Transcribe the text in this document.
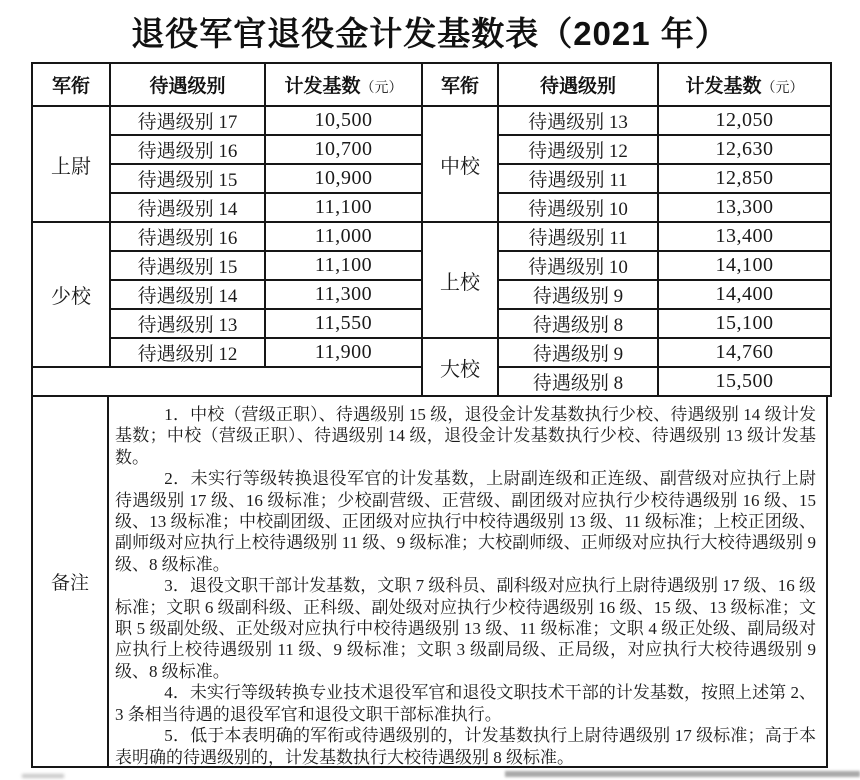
退役军官退役金计发基数表（2021 年）
军衔	待遇级别	计发基数（元）
上尉	待遇级别 17	10,500
	待遇级别 16	10,700
	待遇级别 15	10,900
	待遇级别 14	11,100
少校	待遇级别 16	11,000
	待遇级别 15	11,100
	待遇级别 14	11,300
	待遇级别 13	11,550
	待遇级别 12	11,900

军衔	待遇级别	计发基数（元）
中校	待遇级别 13	12,050
	待遇级别 12	12,630
	待遇级别 11	12,850
	待遇级别 10	13,300
上校	待遇级别 11	13,400
	待遇级别 10	14,100
	待遇级别 9	14,400
	待遇级别 8	15,100
大校	待遇级别 9	14,760
	待遇级别 8	15,500
备注

1．中校（营级正职）、待遇级别 15 级，退役金计发基数执行少校、待遇级别 14 级计发基数；中校（营级正职）、待遇级别 14 级，退役金计发基数执行少校、待遇级别 13 级计发基数。

2．未实行等级转换退役军官的计发基数，上尉副连级和正连级、副营级对应执行上尉待遇级别 17 级、16 级标准；少校副营级、正营级、副团级对应执行少校待遇级别 16 级、15 级、13 级标准；中校副团级、正团级对应执行中校待遇级别 13 级、11 级标准；上校正团级、副师级对应执行上校待遇级别 11 级、9 级标准；大校副师级、正师级对应执行大校待遇级别 9 级、8 级标准。

3．退役文职干部计发基数，文职 7 级科员、副科级对应执行上尉待遇级别 17 级、16 级标准；文职 6 级副科级、正科级、副处级对应执行少校待遇级别 16 级、15 级、13 级标准；文职 5 级副处级、正处级对应执行中校待遇级别 13 级、11 级标准；文职 4 级正处级、副局级对应执行上校待遇级别 11 级、9 级标准；文职 3 级副局级、正局级，对应执行大校待遇级别 9 级、8 级标准。

4．未实行等级转换专业技术退役军官和退役文职技术干部的计发基数，按照上述第 2、3 条相当待遇的退役军官和退役文职干部标准执行。

5．低于本表明确的军衔或待遇级别的，计发基数执行上尉待遇级别 17 级标准；高于本表明确的待遇级别的，计发基数执行大校待遇级别 8 级标准。
